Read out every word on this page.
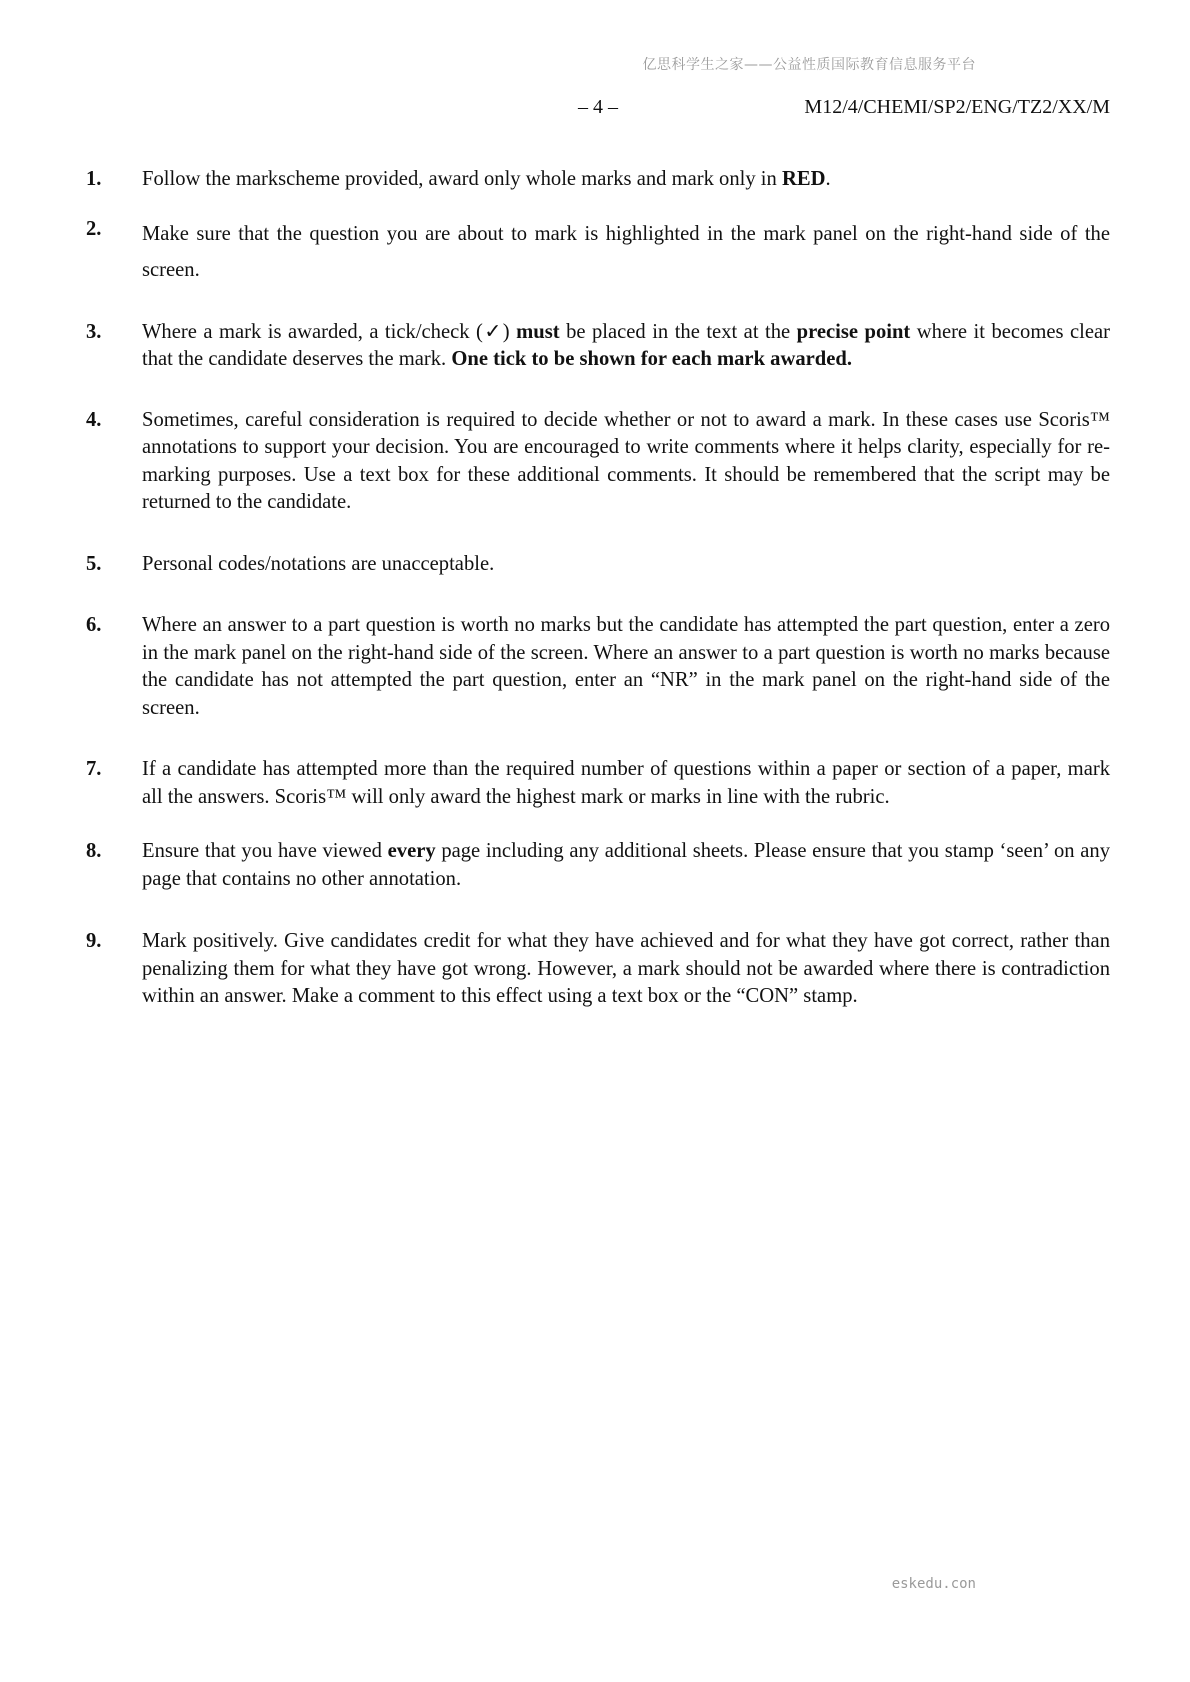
亿思科学生之家——公益性质国际教育信息服务平台
– 4 –	M12/4/CHEMI/SP2/ENG/TZ2/XX/M
1.	Follow the markscheme provided, award only whole marks and mark only in RED.
2.	Make sure that the question you are about to mark is highlighted in the mark panel on the right-hand side of the screen.
3.	Where a mark is awarded, a tick/check (✓) must be placed in the text at the precise point where it becomes clear that the candidate deserves the mark. One tick to be shown for each mark awarded.
4.	Sometimes, careful consideration is required to decide whether or not to award a mark. In these cases use Scoris™ annotations to support your decision. You are encouraged to write comments where it helps clarity, especially for re-marking purposes. Use a text box for these additional comments. It should be remembered that the script may be returned to the candidate.
5.	Personal codes/notations are unacceptable.
6.	Where an answer to a part question is worth no marks but the candidate has attempted the part question, enter a zero in the mark panel on the right-hand side of the screen. Where an answer to a part question is worth no marks because the candidate has not attempted the part question, enter an “NR” in the mark panel on the right-hand side of the screen.
7.	If a candidate has attempted more than the required number of questions within a paper or section of a paper, mark all the answers. Scoris™ will only award the highest mark or marks in line with the rubric.
8.	Ensure that you have viewed every page including any additional sheets. Please ensure that you stamp ‘seen’ on any page that contains no other annotation.
9.	Mark positively. Give candidates credit for what they have achieved and for what they have got correct, rather than penalizing them for what they have got wrong. However, a mark should not be awarded where there is contradiction within an answer. Make a comment to this effect using a text box or the “CON” stamp.
eskedu.con
